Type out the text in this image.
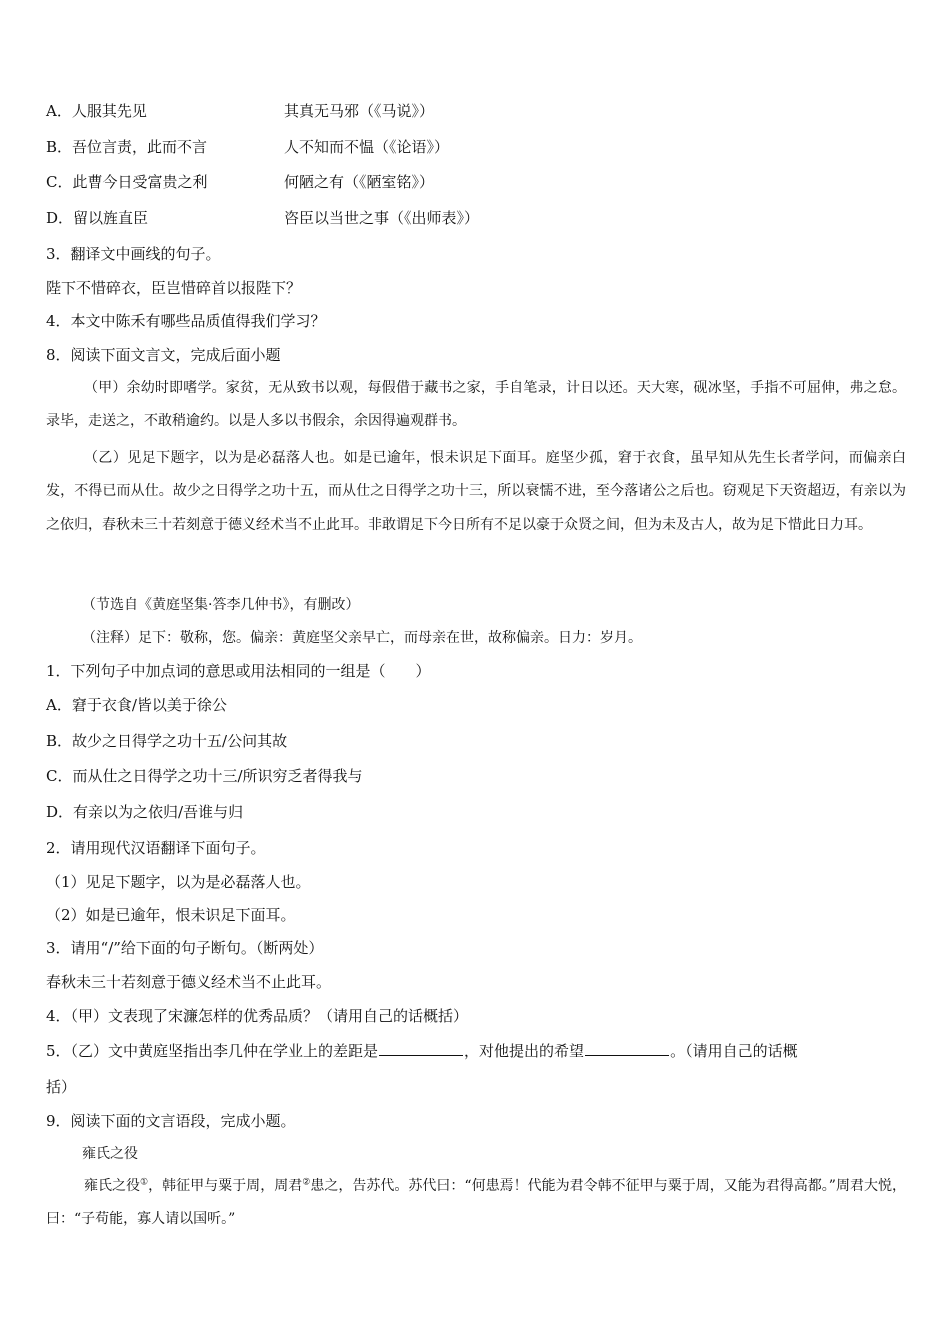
A．人服其先见	其真无马邪（《马说》）
B．吾位言责，此而不言	人不知而不愠（《论语》）
C．此曹今日受富贵之利	何陋之有（《陋室铭》）
D．留以旌直臣	咨臣以当世之事（《出师表》）
3．翻译文中画线的句子。
陛下不惜碎衣，臣岂惜碎首以报陛下？
4．本文中陈禾有哪些品质值得我们学习？
8．阅读下面文言文，完成后面小题
（甲）余幼时即嗜学。家贫，无从致书以观，每假借于藏书之家，手自笔录，计日以还。天大寒，砚冰坚，手指不可屈伸，弗之怠。录毕，走送之，不敢稍逾约。以是人多以书假余，余因得遍观群书。
（乙）见足下题字，以为是必磊落人也。如是已逾年，恨未识足下面耳。庭坚少孤，窘于衣食，虽早知从先生长者学问，而偏亲白发，不得已而从仕。故少之日得学之功十五，而从仕之日得学之功十三，所以衰懦不进，至今落诸公之后也。窃观足下天资超迈，有亲以为之依归，春秋未三十若刻意于德义经术当不止此耳。非敢谓足下今日所有不足以豪于众贤之间，但为未及古人，故为足下惜此日力耳。
（节选自《黄庭坚集·答李几仲书》，有删改）
（注释）足下：敬称，您。偏亲：黄庭坚父亲早亡，而母亲在世，故称偏亲。日力：岁月。
1．下列句子中加点词的意思或用法相同的一组是（　　）
A．窘于衣食/皆以美于徐公
B．故少之日得学之功十五/公问其故
C．而从仕之日得学之功十三/所识穷乏者得我与
D．有亲以为之依归/吾谁与归
2．请用现代汉语翻译下面句子。
（1）见足下题字，以为是必磊落人也。
（2）如是已逾年，恨未识足下面耳。
3．请用“/”给下面的句子断句。（断两处）
春秋未三十若刻意于德义经术当不止此耳。
4．（甲）文表现了宋濂怎样的优秀品质？（请用自己的话概括）
5．（乙）文中黄庭坚指出李几仲在学业上的差距是	，对他提出的希望	。（请用自己的话概
括）
9．阅读下面的文言语段，完成小题。
雍氏之役
雍氏之役①，韩征甲与粟于周，周君②患之，告苏代。苏代曰：“何患焉！代能为君令韩不征甲与粟于周，又能为君得高都。”周君大悦，曰：“子苟能，寡人请以国听。”
